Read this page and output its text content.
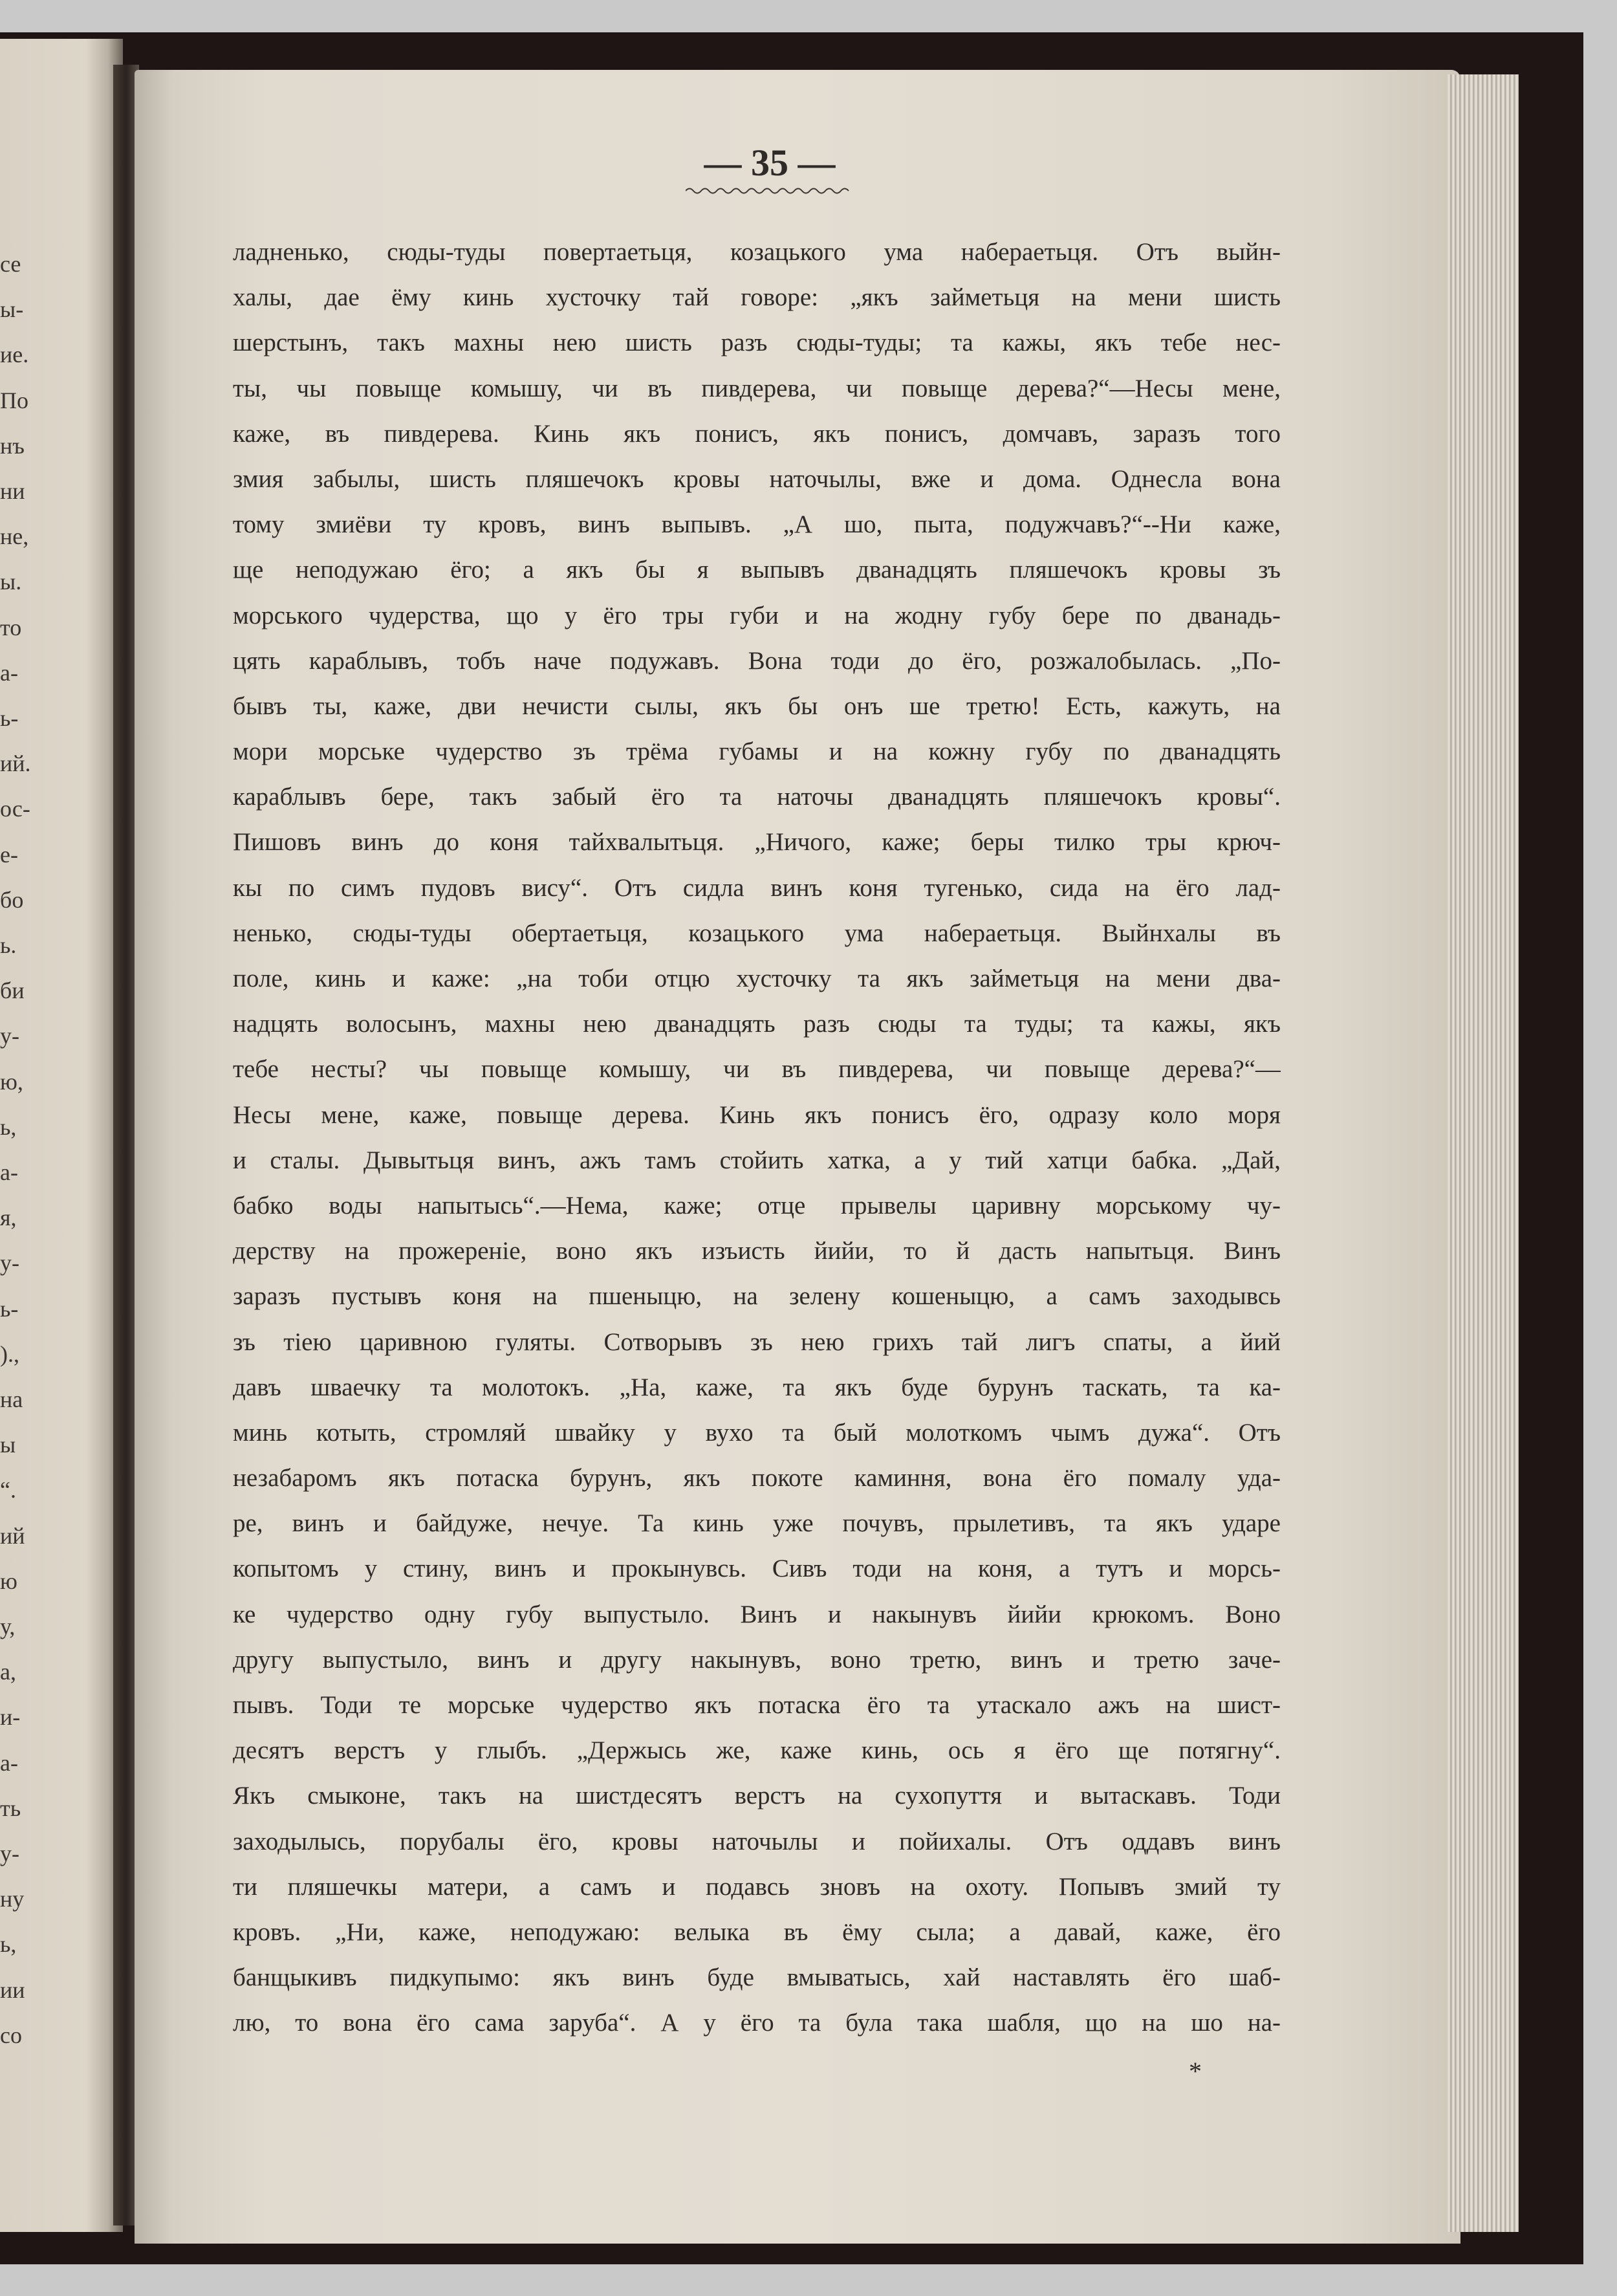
се
ы-
ие.
По
нъ
ни
не,
ы.
то
а-
ь-
ий.
ос-
е-
бо
ь.
би
у-
ю,
ь,
а-
я,
у-
ь-
).,
на
ы
“.
ий
ю
у,
а,
и-
а-
ть
у-
ну
ь,
ии
со
— 35 —
ладненько, сюды-туды повертаетьця, козацького ума набераетьця. Отъ выйн-
халы, дае ёму кинь хусточку тай говоре: „якъ займетьця на мени шисть
шерстынъ, такъ махны нею шисть разъ сюды-туды; та кажы, якъ тебе нес-
ты, чы повыще комышу, чи въ пивдерева, чи повыще дерева?“—Несы мене,
каже, въ пивдерева. Кинь якъ понисъ, якъ понисъ, домчавъ, заразъ того
змия забылы, шисть пляшечокъ кровы наточылы, вже и дома. Однесла вона
тому змиёви ту кровъ, винъ выпывъ. „А шо, пыта, подужчавъ?“--Ни каже,
ще неподужаю ёго; а якъ бы я выпывъ дванадцять пляшечокъ кровы зъ
морського чудерства, що у ёго тры губи и на жодну губу бере по дванадь-
цять караблывъ, тобъ наче подужавъ. Вона тоди до ёго, розжалобылась. „По-
бывъ ты, каже, дви нечисти сылы, якъ бы онъ ше третю! Есть, кажуть, на
мори морське чудерство зъ трёма губамы и на кожну губу по дванадцять
караблывъ бере, такъ забый ёго та наточы дванадцять пляшечокъ кровы“.
Пишовъ винъ до коня тайхвалытьця. „Ничого, каже; беры тилко тры крюч-
кы по симъ пудовъ вису“. Отъ сидла винъ коня тугенько, сида на ёго лад-
ненько, сюды-туды обертаетьця, козацького ума набераетьця. Выйнхалы въ
поле, кинь и каже: „на тоби отцю хусточку та якъ займетьця на мени два-
надцять волосынъ, махны нею дванадцять разъ сюды та туды; та кажы, якъ
тебе несты? чы повыще комышу, чи въ пивдерева, чи повыще дерева?“—
Несы мене, каже, повыще дерева. Кинь якъ понисъ ёго, одразу коло моря
и сталы. Дывытьця винъ, ажъ тамъ стойить хатка, а у тий хатци бабка. „Дай,
бабко воды напытысь“.—Нема, каже; отце прывелы царивну морському чу-
дерству на прожереніе, воно якъ изъисть йийи, то й дасть напытьця. Винъ
заразъ пустывъ коня на пшеныцю, на зелену кошеныцю, а самъ заходывсь
зъ тiею царивною гуляты. Сотворывъ зъ нею грихъ тай лигъ спаты, а йий
давъ шваечку та молотокъ. „На, каже, та якъ буде бурунъ таскать, та ка-
минь котыть, стромляй швайку у вухо та бый молоткомъ чымъ дужа“. Отъ
незабаромъ якъ потаска бурунъ, якъ покоте каминня, вона ёго помалу уда-
ре, винъ и байдуже, нечуе. Та кинь уже почувъ, прылетивъ, та якъ ударе
копытомъ у стину, винъ и прокынувсь. Сивъ тоди на коня, а тутъ и морсь-
ке чудерство одну губу выпустыло. Винъ и накынувъ йийи крюкомъ. Воно
другу выпустыло, винъ и другу накынувъ, воно третю, винъ и третю заче-
пывъ. Тоди те морське чудерство якъ потаска ёго та утаскало ажъ на шист-
десятъ верстъ у глыбъ. „Держысь же, каже кинь, ось я ёго ще потягну“.
Якъ смыконе, такъ на шистдесятъ верстъ на сухопуття и вытаскавъ. Тоди
заходылысь, порубалы ёго, кровы наточылы и пойихалы. Отъ оддавъ винъ
ти пляшечкы матери, а самъ и подавсь зновъ на охоту. Попывъ змий ту
кровъ. „Ни, каже, неподужаю: велыка въ ёму сыла; а давай, каже, ёго
банщыкивъ пидкупымо: якъ винъ буде вмыватысь, хай наставлять ёго шаб-
лю, то вона ёго сама заруба“. А у ёго та була така шабля, що на шо на-
*
